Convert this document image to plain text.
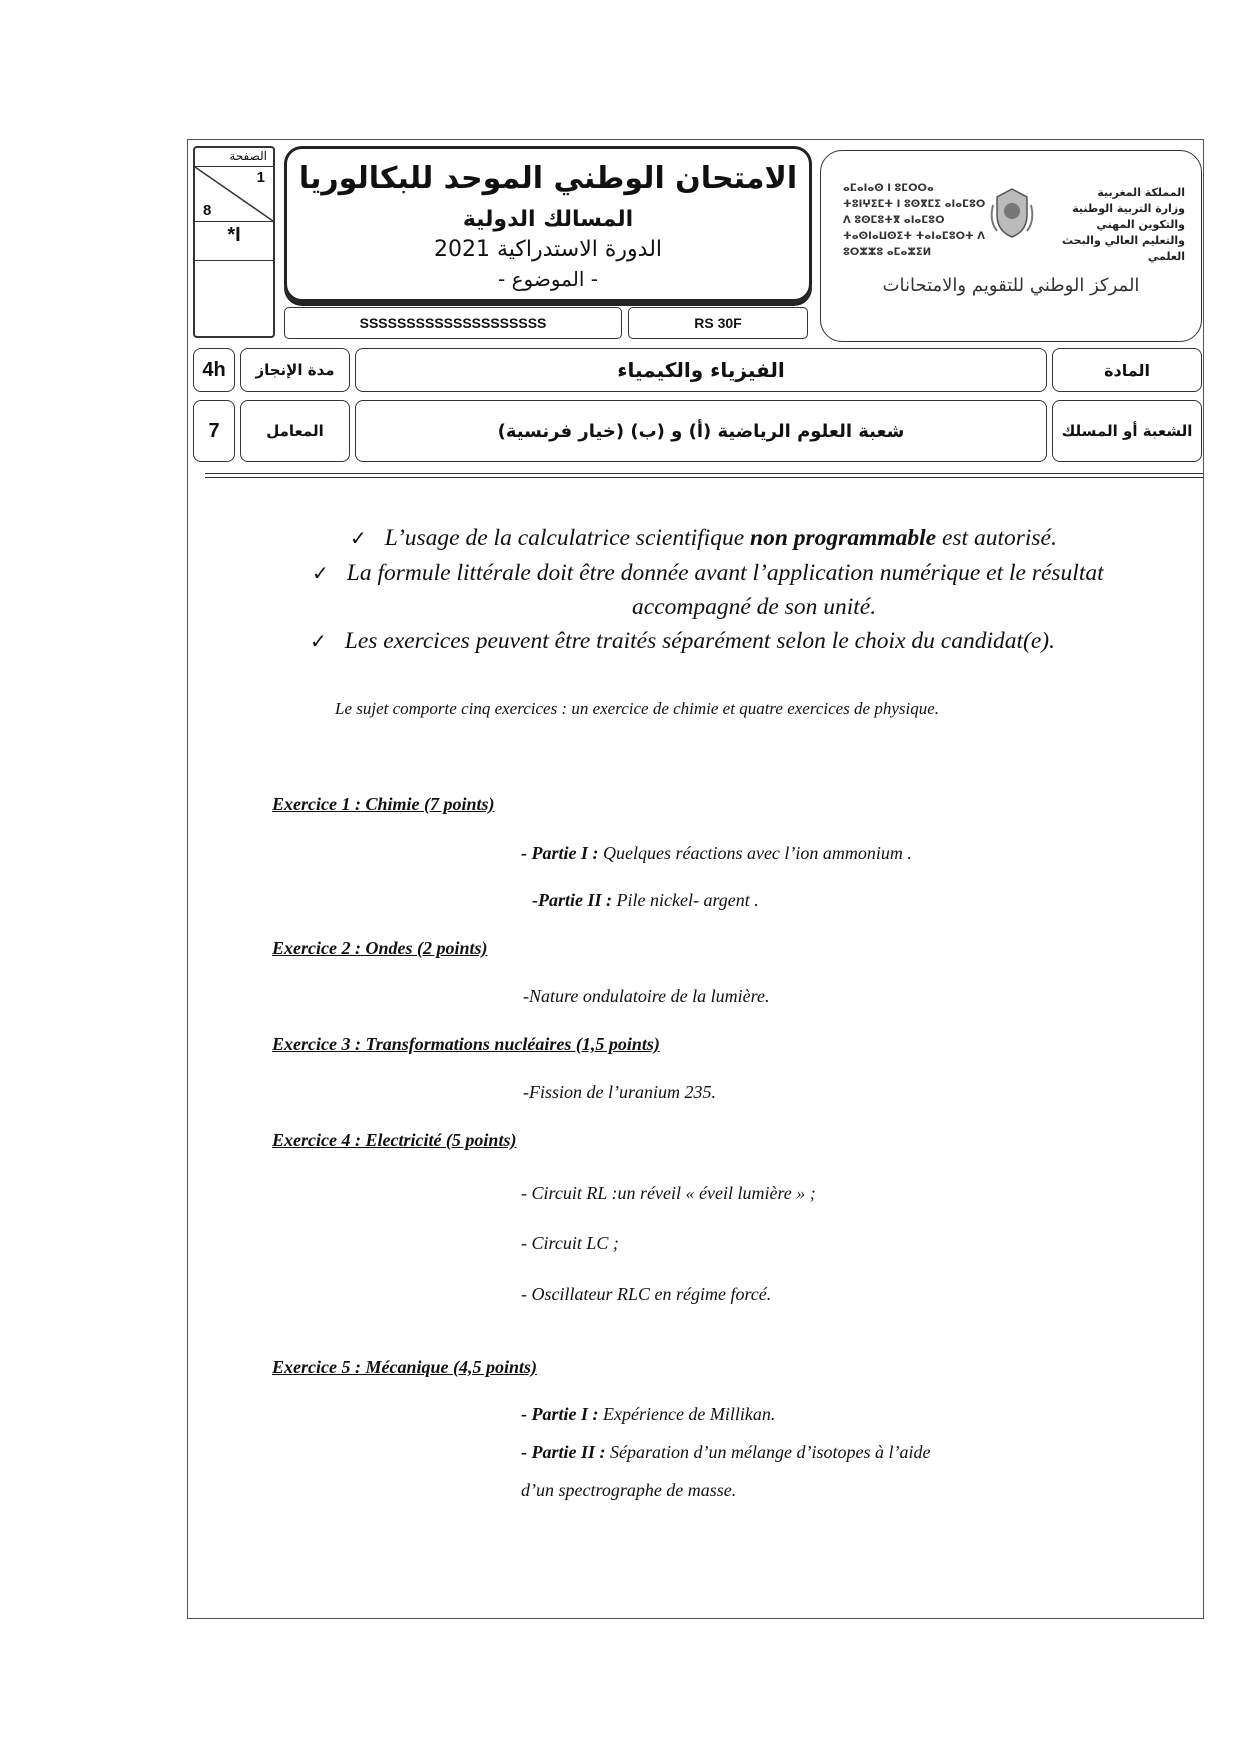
الصفحة
1
8
*I
الامتحان الوطني الموحد للبكالوريا
المسالك الدولية
الدورة الاستدراكية 2021
- الموضوع -
SSSSSSSSSSSSSSSSSSSS	RS 30F
ⴰⵎⴰⵏⴰⵙ ⵏ ⵓⵎⵔⵔⴰ
ⵜⵓⵏⵖⵉⵎⵜ ⵏ ⵓⵙⴳⵎⵉ ⴰⵏⴰⵎⵓⵔ
ⴷ ⵓⵙⵎⵓⵜⴳ ⴰⵏⴰⵎⵓⵔ
ⵜⴰⵙⵏⴰⵡⵙⵉⵜ ⵜⴰⵏⴰⵎⵓⵔⵜ ⴷ ⵓⵔⵣⵣⵓ ⴰⵎⴰⵣⵉⵍ
المملكة المغربية
وزارة التربية الوطنية
والتكوين المهني
والتعليم العالي والبحث العلمي
المركز الوطني للتقويم والامتحانات
4h	مدة الإنجاز	الفيزياء والكيمياء	المادة
7	المعامل	شعبة العلوم الرياضية (أ) و (ب) (خيار فرنسية)	الشعبة أو المسلك
✓ L’usage de la calculatrice scientifique non programmable est autorisé.
✓ La formule littérale doit être donnée avant l’application numérique et le résultat
accompagné de son unité.
✓ Les exercices peuvent être traités séparément selon le choix du candidat(e).
Le sujet comporte cinq exercices : un exercice de chimie et quatre exercices de physique.
Exercice 1 : Chimie (7 points)
- Partie I : Quelques réactions avec l’ion ammonium .
-Partie II : Pile nickel- argent .
Exercice 2 : Ondes (2 points)
-Nature ondulatoire de la lumière.
Exercice 3 : Transformations nucléaires (1,5 points)
-Fission de l’uranium 235.
Exercice 4 : Electricité (5 points)
- Circuit RL :un réveil « éveil lumière » ;
- Circuit LC ;
- Oscillateur RLC en régime forcé.
Exercice 5 : Mécanique (4,5 points)
- Partie I : Expérience de Millikan.
- Partie II : Séparation d’un mélange d’isotopes à l’aide
d’un spectrographe de masse.
